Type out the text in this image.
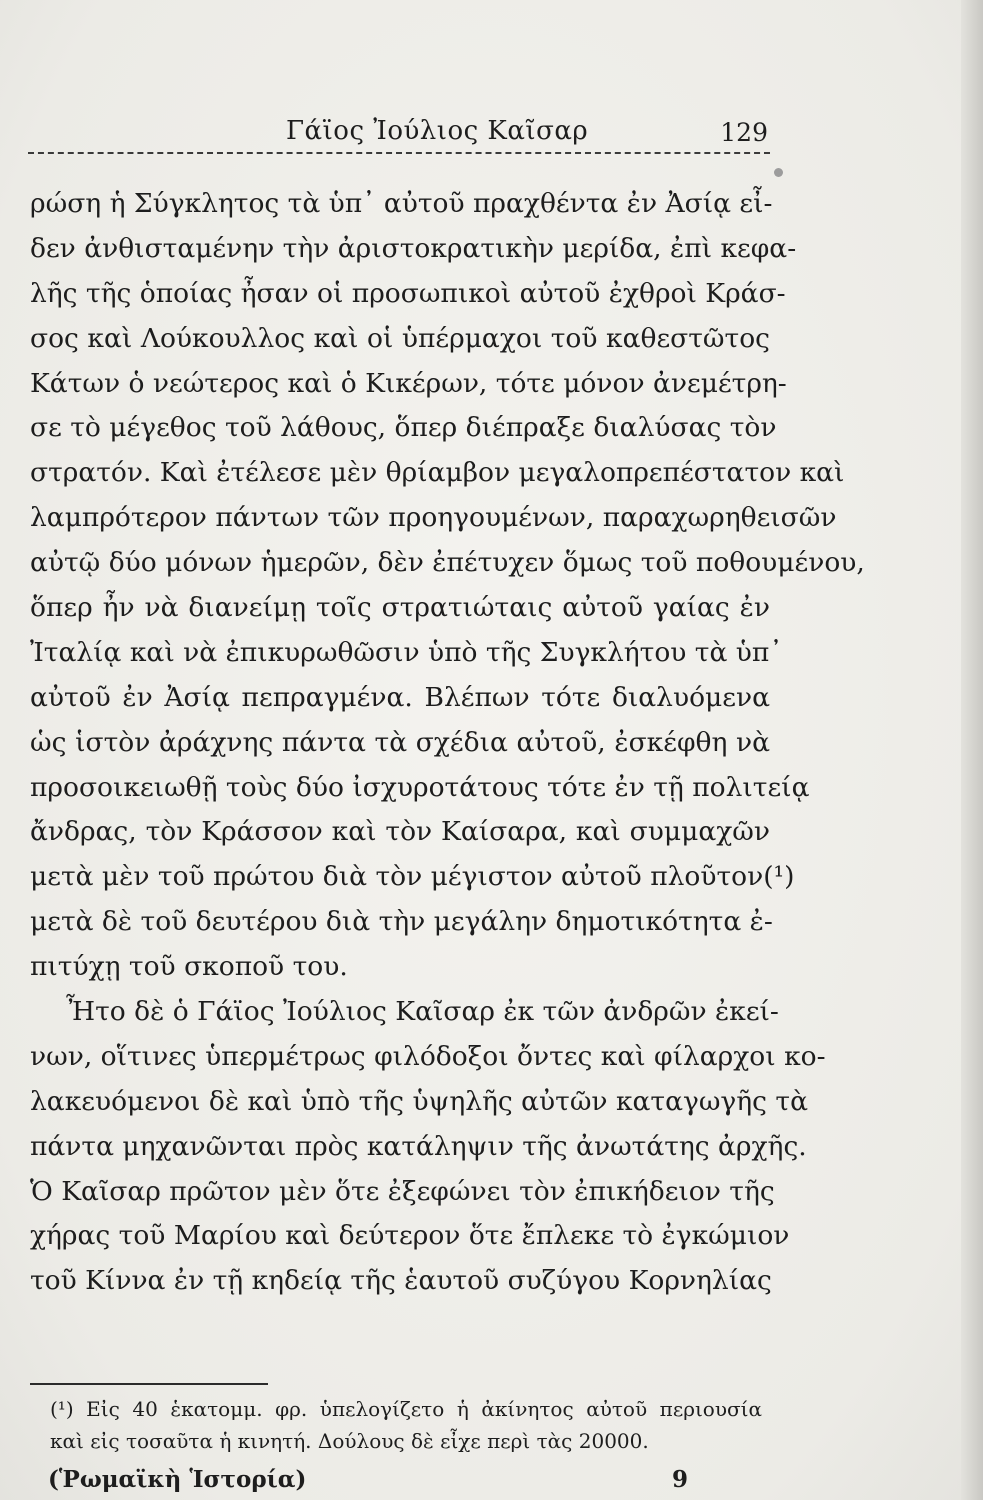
Γάϊος Ἰούλιος Καῖσαρ	129
ρώση ἡ Σύγκλητος τὰ ὑπ᾽ αὐτοῦ πραχθέντα ἐν Ἀσίᾳ εἶ-
δεν ἀνθισταμένην τὴν ἀριστοκρατικὴν μερίδα, ἐπὶ κεφα-
λῆς τῆς ὁποίας ἦσαν οἱ προσωπικοὶ αὐτοῦ ἐχθροὶ Κράσ-
σος καὶ Λούκουλλος καὶ οἱ ὑπέρμαχοι τοῦ καθεστῶτος
Κάτων ὁ νεώτερος καὶ ὁ Κικέρων, τότε μόνον ἀνεμέτρη-
σε τὸ μέγεθος τοῦ λάθους, ὅπερ διέπραξε διαλύσας τὸν
στρατόν. Καὶ ἐτέλεσε μὲν θρίαμβον μεγαλοπρεπέστατον καὶ
λαμπρότερον πάντων τῶν προηγουμένων, παραχωρηθεισῶν
αὐτῷ δύο μόνων ἡμερῶν, δὲν ἐπέτυχεν ὅμως τοῦ ποθουμένου,
ὅπερ ἦν νὰ διανείμῃ τοῖς στρατιώταις αὐτοῦ γαίας ἐν
Ἰταλίᾳ καὶ νὰ ἐπικυρωθῶσιν ὑπὸ τῆς Συγκλήτου τὰ ὑπ᾽
αὐτοῦ ἐν Ἀσίᾳ πεπραγμένα. Βλέπων τότε διαλυόμενα
ὡς ἱστὸν ἀράχνης πάντα τὰ σχέδια αὐτοῦ, ἐσκέφθη νὰ
προσοικειωθῇ τοὺς δύο ἰσχυροτάτους τότε ἐν τῇ πολιτείᾳ
ἄνδρας, τὸν Κράσσον καὶ τὸν Καίσαρα, καὶ συμμαχῶν
μετὰ μὲν τοῦ πρώτου διὰ τὸν μέγιστον αὐτοῦ πλοῦτον(¹)
μετὰ δὲ τοῦ δευτέρου διὰ τὴν μεγάλην δημοτικότητα ἐ-
πιτύχῃ τοῦ σκοποῦ του.
Ἦτο δὲ ὁ Γάϊος Ἰούλιος Καῖσαρ ἐκ τῶν ἀνδρῶν ἐκεί-
νων, οἵτινες ὑπερμέτρως φιλόδοξοι ὄντες καὶ φίλαρχοι κο-
λακευόμενοι δὲ καὶ ὑπὸ τῆς ὑψηλῆς αὐτῶν καταγωγῆς τὰ
πάντα μηχανῶνται πρὸς κατάληψιν τῆς ἀνωτάτης ἀρχῆς.
Ὁ Καῖσαρ πρῶτον μὲν ὅτε ἐξεφώνει τὸν ἐπικήδειον τῆς
χήρας τοῦ Μαρίου καὶ δεύτερον ὅτε ἔπλεκε τὸ ἐγκώμιον
τοῦ Κίννα ἐν τῇ κηδείᾳ τῆς ἑαυτοῦ συζύγου Κορνηλίας
(¹) Εἰς 40 ἑκατομμ. φρ. ὑπελογίζετο ἡ ἀκίνητος αὐτοῦ περιουσία
καὶ εἰς τοσαῦτα ἡ κινητή. Δούλους δὲ εἶχε περὶ τὰς 20000.
(Ῥωμαϊκὴ Ἱστορία)	9
